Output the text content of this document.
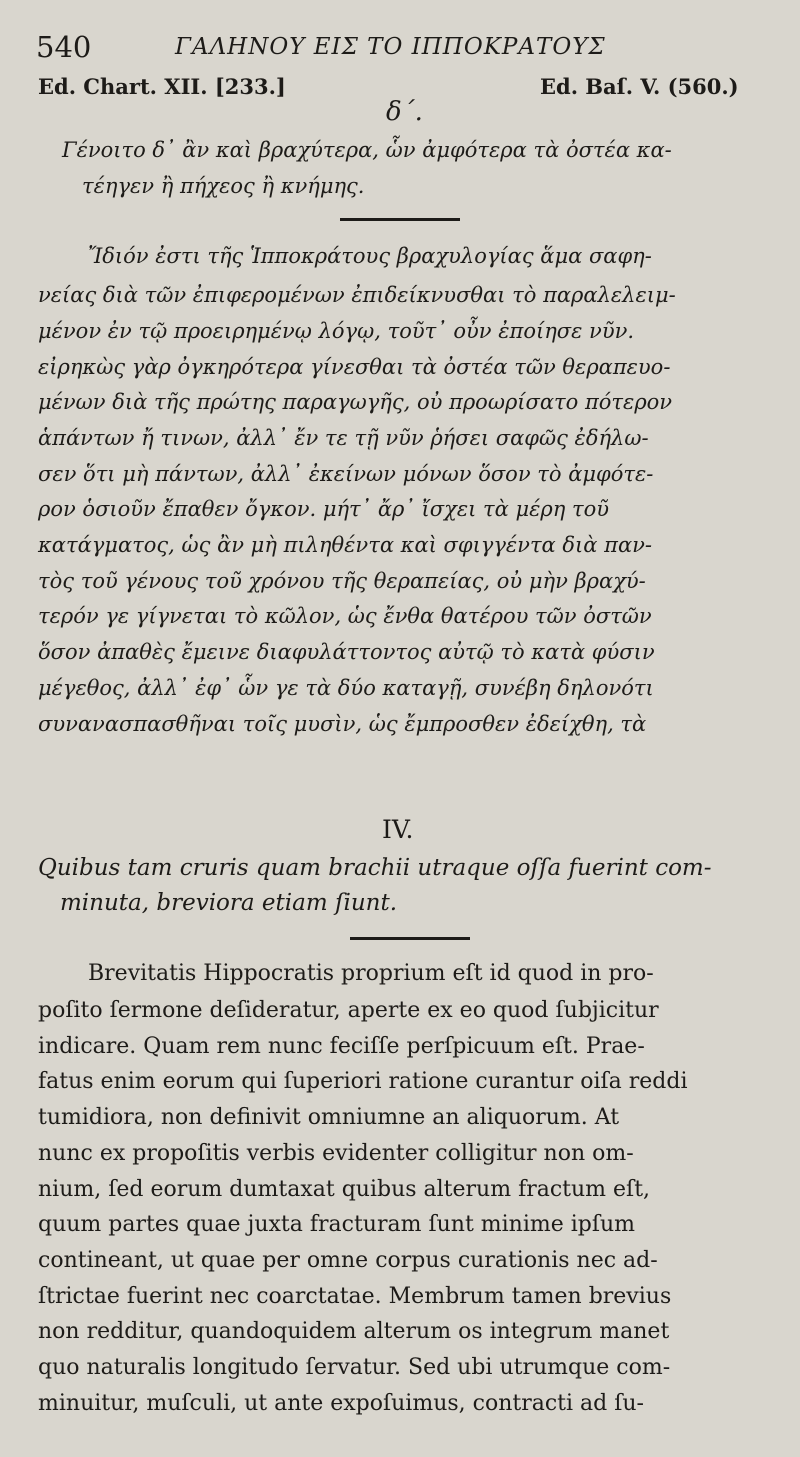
540	ΓΑΛΗΝΟΥ ΕΙΣ ΤΟ ΙΠΠΟΚΡΑΤΟΥΣ
Ed. Chart. XII. [233.]	Ed. Baſ. V. (560.)
δ΄.
Γένοιτο δ᾽ ἂν καὶ βραχύτερα, ὧν ἀμφότερα τὰ ὀστέα κα-
τέηγεν ἢ πήχεος ἢ κνήμης.
Ἴδιόν ἐστι τῆς Ἱπποκράτους βραχυλογίας ἅμα σαφη-
νείας διὰ τῶν ἐπιφερομένων ἐπιδείκνυσθαι τὸ παραλελειμ-
μένον ἐν τῷ προειρημένῳ λόγῳ, τοῦτ᾽ οὖν ἐποίησε νῦν.
εἰρηκὼς γὰρ ὀγκηρότερα γίνεσθαι τὰ ὀστέα τῶν θεραπευο-
μένων διὰ τῆς πρώτης παραγωγῆς, οὐ προωρίσατο πότερον
ἁπάντων ἤ τινων, ἀλλ᾽ ἔν τε τῇ νῦν ῥήσει σαφῶς ἐδήλω-
σεν ὅτι μὴ πάντων, ἀλλ᾽ ἐκείνων μόνων ὅσον τὸ ἀμφότε-
ρον ὁσιοῦν ἔπαθεν ὄγκον. μήτ᾽ ἄρ᾽ ἴσχει τὰ μέρη τοῦ
κατάγματος, ὡς ἂν μὴ πιληθέντα καὶ σφιγγέντα διὰ παν-
τὸς τοῦ γένους τοῦ χρόνου τῆς θεραπείας, οὐ μὴν βραχύ-
τερόν γε γίγνεται τὸ κῶλον, ὡς ἔνθα θατέρου τῶν ὀστῶν
ὅσον ἀπαθὲς ἔμεινε διαφυλάττοντος αὐτῷ τὸ κατὰ φύσιν
μέγεθος, ἀλλ᾽ ἐφ᾽ ὧν γε τὰ δύο καταγῇ, συνέβη δηλονότι
συνανασπασθῆναι τοῖς μυσὶν, ὡς ἔμπροσθεν ἐδείχθη, τὰ
IV.
Quibus tam cruris quam brachii utraque oſſa fuerint com-
minuta, breviora etiam ſiunt.
Brevitatis Hippocratis proprium eſt id quod in pro-
poſito ſermone deſideratur, aperte ex eo quod ſubjicitur
indicare. Quam rem nunc feciſſe perſpicuum eſt. Prae-
fatus enim eorum qui ſuperiori ratione curantur oiſa reddi
tumidiora, non definivit omniumne an aliquorum. At
nunc ex propoſitis verbis evidenter colligitur non om-
nium, ſed eorum dumtaxat quibus alterum fractum eſt,
quum partes quae juxta fracturam ſunt minime ipſum
contineant, ut quae per omne corpus curationis nec ad-
ſtrictae fuerint nec coarctatae. Membrum tamen brevius
non redditur, quandoquidem alterum os integrum manet
quo naturalis longitudo ſervatur. Sed ubi utrumque com-
minuitur, muſculi, ut ante expoſuimus, contracti ad ſu-
